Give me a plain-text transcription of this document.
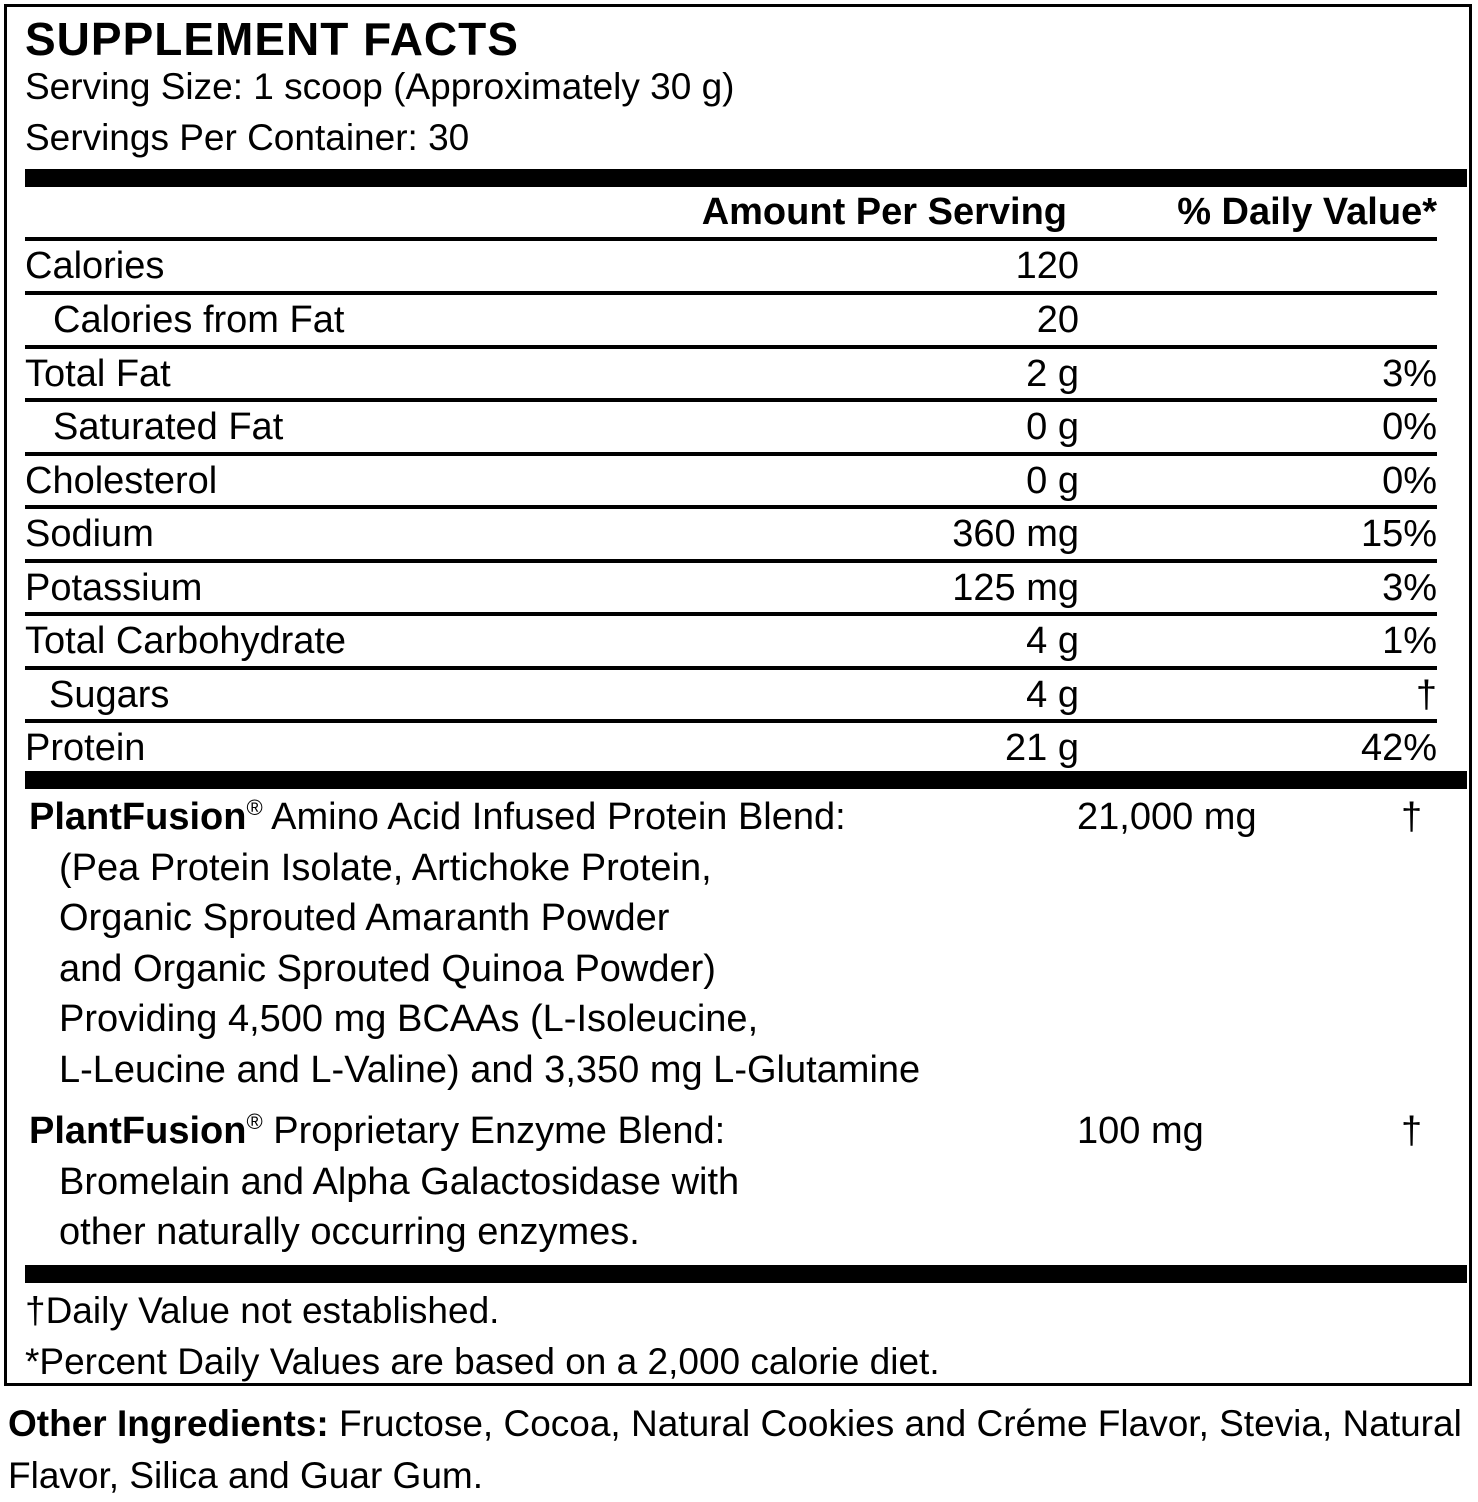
SUPPLEMENT FACTS
Serving Size: 1 scoop (Approximately 30 g)
Servings Per Container: 30
Amount Per Serving	% Daily Value*
Calories	120
Calories from Fat	20
Total Fat	2 g	3%
Saturated Fat	0 g	0%
Cholesterol	0 g	0%
Sodium	360 mg	15%
Potassium	125 mg	3%
Total Carbohydrate	4 g	1%
Sugars	4 g	†
Protein	21 g	42%
PlantFusion® Amino Acid Infused Protein Blend:
(Pea Protein Isolate, Artichoke Protein,
Organic Sprouted Amaranth Powder
and Organic Sprouted Quinoa Powder)
Providing 4,500 mg BCAAs (L-Isoleucine,
L-Leucine and L-Valine) and 3,350 mg L-Glutamine
21,000 mg	†
PlantFusion® Proprietary Enzyme Blend:
Bromelain and Alpha Galactosidase with
other naturally occurring enzymes.
100 mg	†
†Daily Value not established.
*Percent Daily Values are based on a 2,000 calorie diet.
Other Ingredients: Fructose, Cocoa, Natural Cookies and Créme Flavor, Stevia, Natural Flavor, Silica and Guar Gum.
